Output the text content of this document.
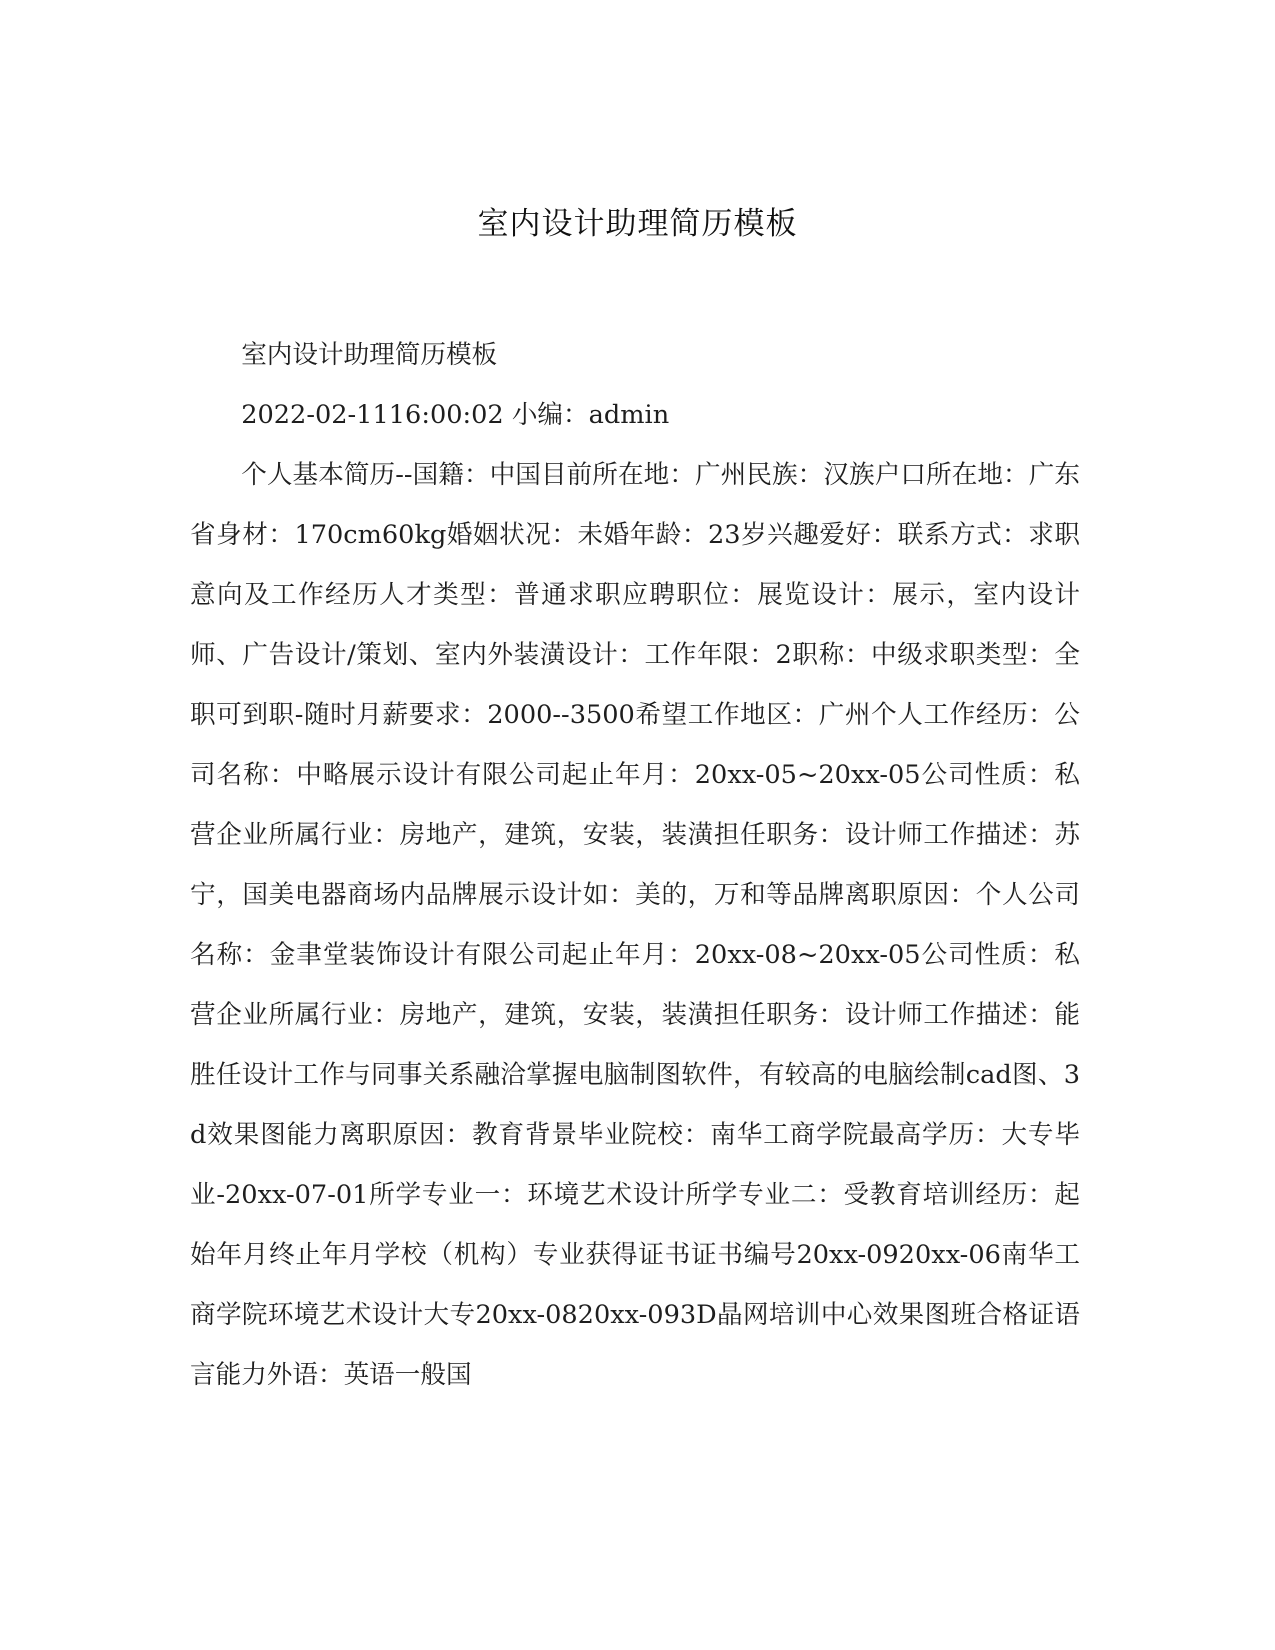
室内设计助理简历模板

室内设计助理简历模板

2022-02-1116:00:02 小编：admin

个人基本简历--国籍：中国目前所在地：广州民族：汉族户口所在地：广东省身材：170cm60kg婚姻状况：未婚年龄：23岁兴趣爱好：联系方式：求职意向及工作经历人才类型：普通求职应聘职位：展览设计：展示，室内设计师、广告设计/策划、室内外装潢设计：工作年限：2职称：中级求职类型：全职可到职-随时月薪要求：2000--3500希望工作地区：广州个人工作经历：公司名称：中略展示设计有限公司起止年月：20xx-05~20xx-05公司性质：私营企业所属行业：房地产，建筑，安装，装潢担任职务：设计师工作描述：苏宁，国美电器商场内品牌展示设计如：美的，万和等品牌离职原因：个人公司名称：金聿堂装饰设计有限公司起止年月：20xx-08~20xx-05公司性质：私营企业所属行业：房地产，建筑，安装，装潢担任职务：设计师工作描述：能胜任设计工作与同事关系融洽掌握电脑制图软件，有较高的电脑绘制cad图、3d效果图能力离职原因：教育背景毕业院校：南华工商学院最高学历：大专毕业-20xx-07-01所学专业一：环境艺术设计所学专业二：受教育培训经历：起始年月终止年月学校（机构）专业获得证书证书编号20xx-0920xx-06南华工商学院环境艺术设计大专20xx-0820xx-093D晶网培训中心效果图班合格证语言能力外语：英语一般国
